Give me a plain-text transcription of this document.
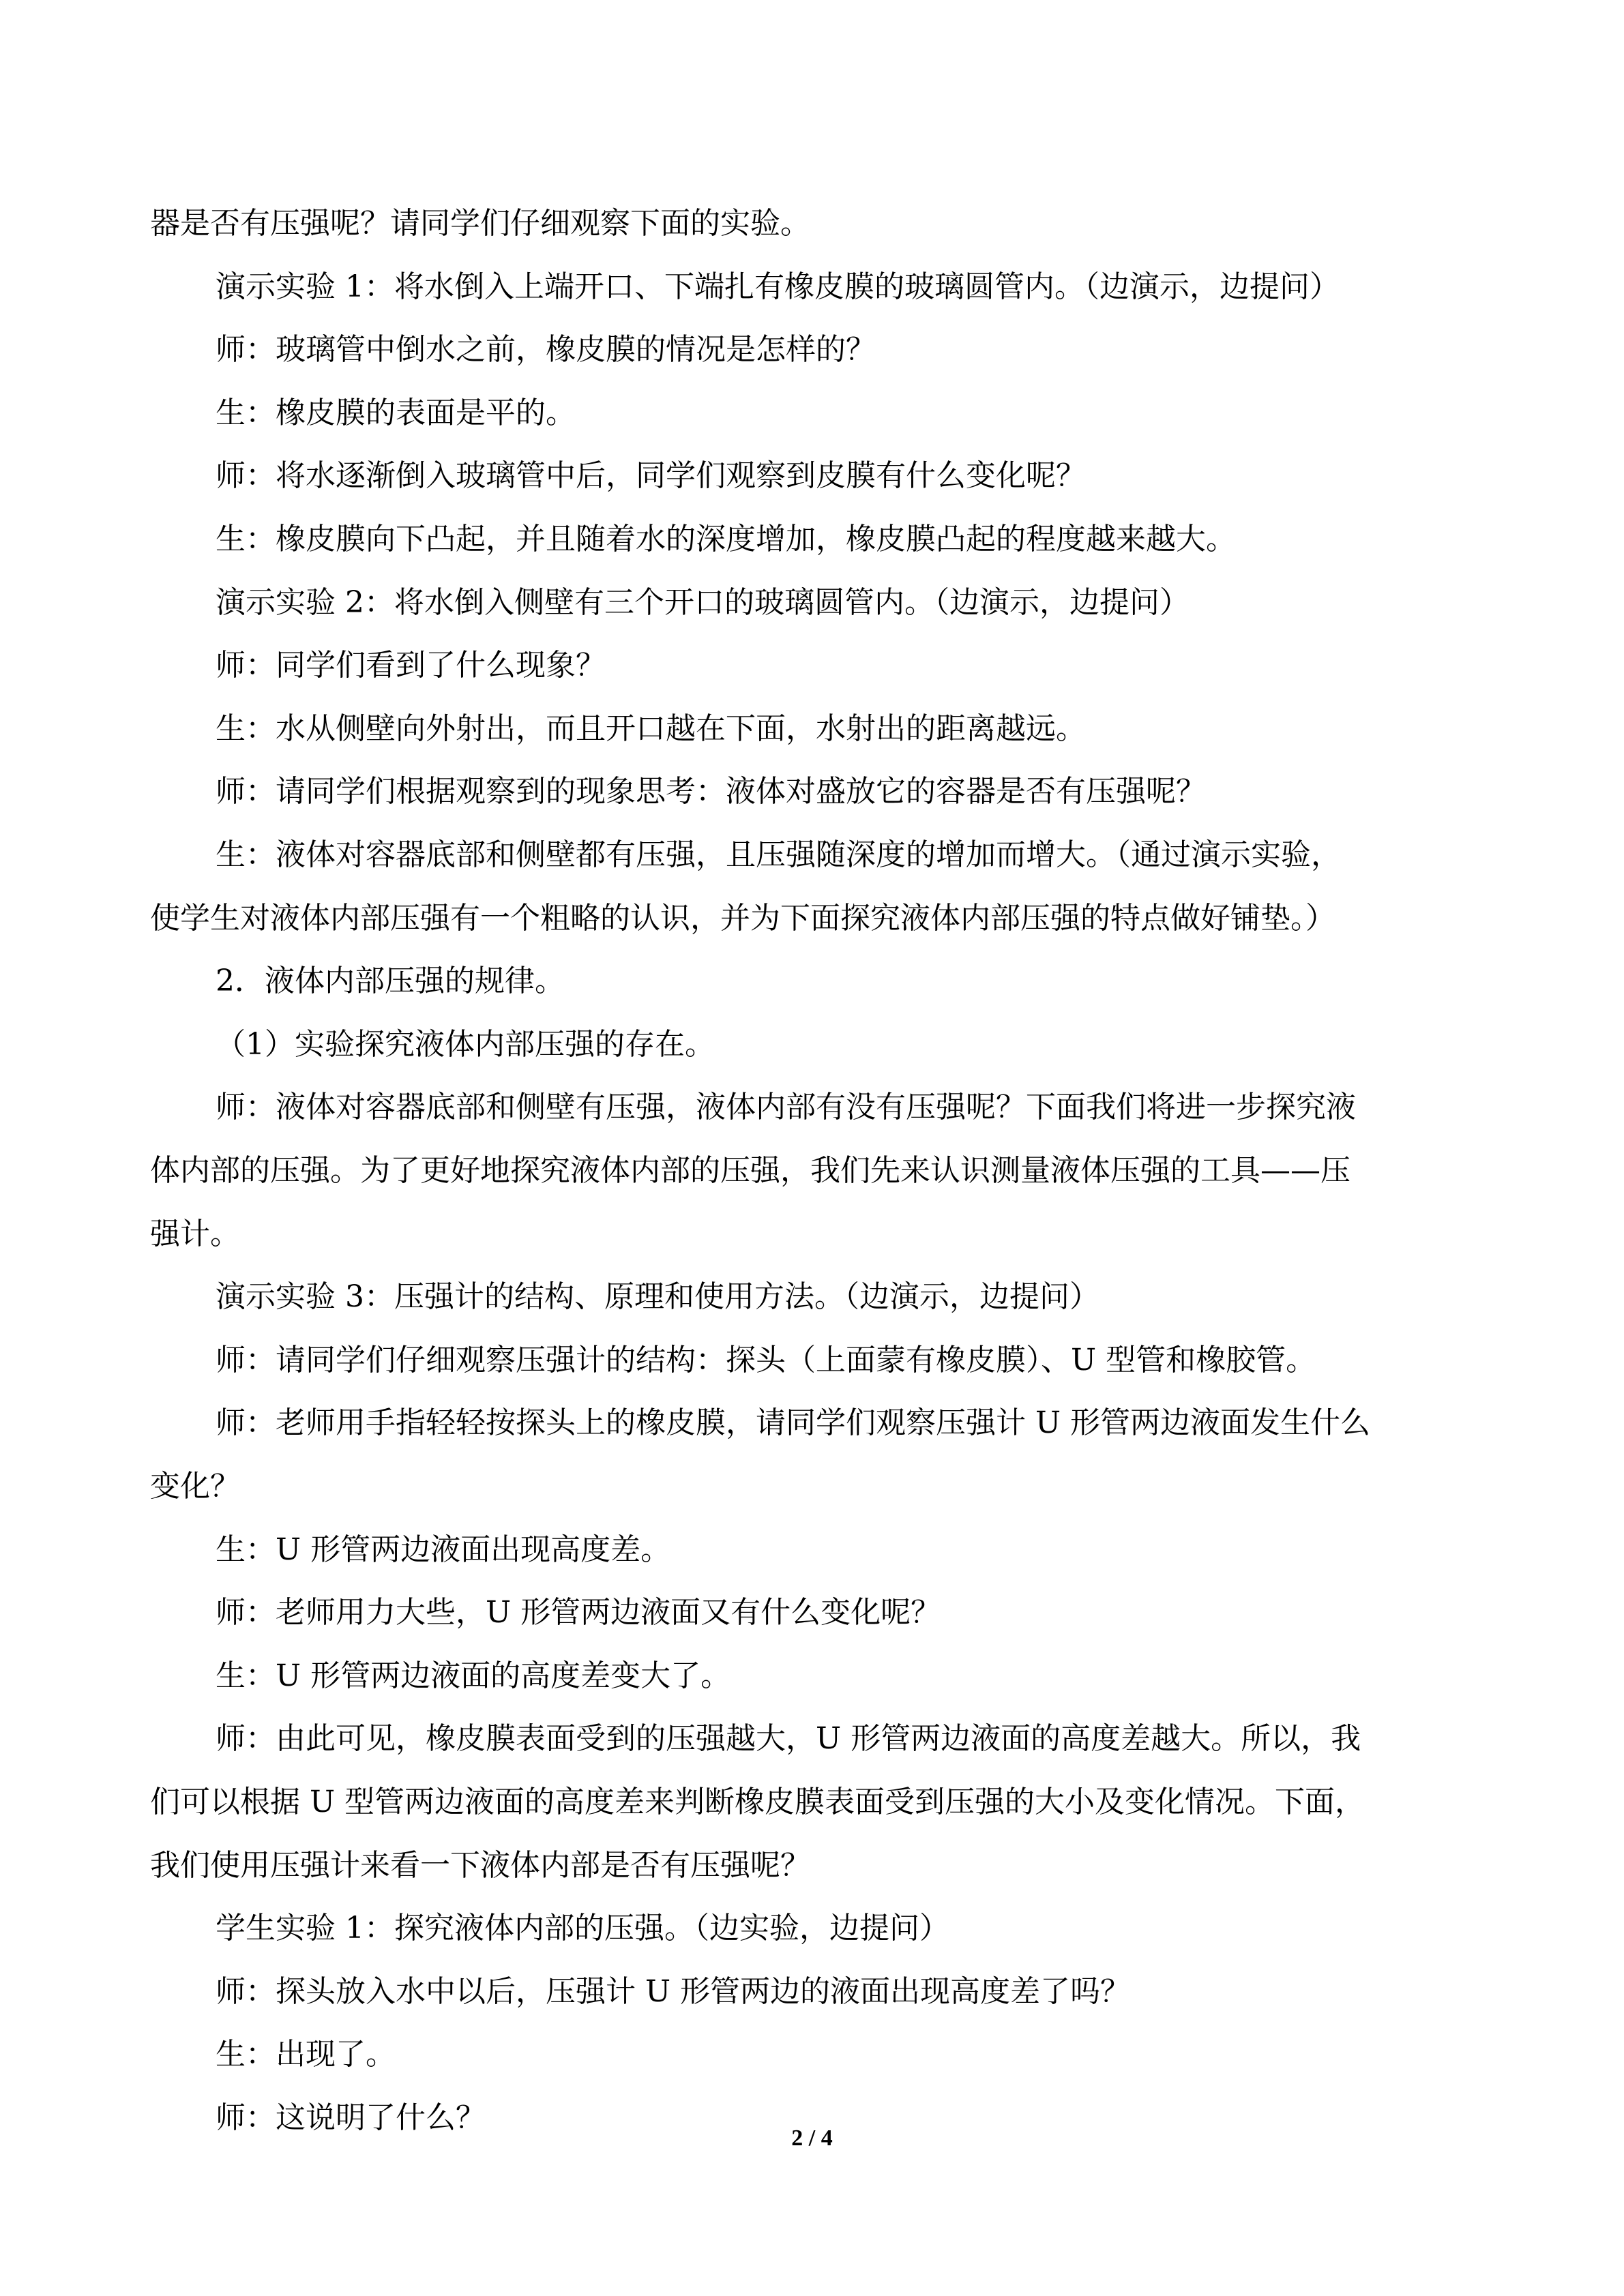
2 / 4
器是否有压强呢？请同学们仔细观察下面的实验。
演示实验 1：将水倒入上端开口、下端扎有橡皮膜的玻璃圆管内。（边演示，边提问）
师：玻璃管中倒水之前，橡皮膜的情况是怎样的？
生：橡皮膜的表面是平的。
师：将水逐渐倒入玻璃管中后，同学们观察到皮膜有什么变化呢？
生：橡皮膜向下凸起，并且随着水的深度增加，橡皮膜凸起的程度越来越大。
演示实验 2：将水倒入侧壁有三个开口的玻璃圆管内。（边演示，边提问）
师：同学们看到了什么现象？
生：水从侧壁向外射出，而且开口越在下面，水射出的距离越远。
师：请同学们根据观察到的现象思考：液体对盛放它的容器是否有压强呢？
生：液体对容器底部和侧壁都有压强，且压强随深度的增加而增大。（通过演示实验，
使学生对液体内部压强有一个粗略的认识，并为下面探究液体内部压强的特点做好铺垫。）
2．液体内部压强的规律。
（1）实验探究液体内部压强的存在。
师：液体对容器底部和侧壁有压强，液体内部有没有压强呢？下面我们将进一步探究液
体内部的压强。为了更好地探究液体内部的压强，我们先来认识测量液体压强的工具——压
强计。
演示实验 3：压强计的结构、原理和使用方法。（边演示，边提问）
师：请同学们仔细观察压强计的结构：探头（上面蒙有橡皮膜）、U 型管和橡胶管。
师：老师用手指轻轻按探头上的橡皮膜，请同学们观察压强计 U 形管两边液面发生什么
变化？
生：U 形管两边液面出现高度差。
师：老师用力大些，U 形管两边液面又有什么变化呢？
生：U 形管两边液面的高度差变大了。
师：由此可见，橡皮膜表面受到的压强越大，U 形管两边液面的高度差越大。所以，我
们可以根据 U 型管两边液面的高度差来判断橡皮膜表面受到压强的大小及变化情况。下面，
我们使用压强计来看一下液体内部是否有压强呢？
学生实验 1：探究液体内部的压强。（边实验，边提问）
师：探头放入水中以后，压强计 U 形管两边的液面出现高度差了吗？
生：出现了。
师：这说明了什么？
